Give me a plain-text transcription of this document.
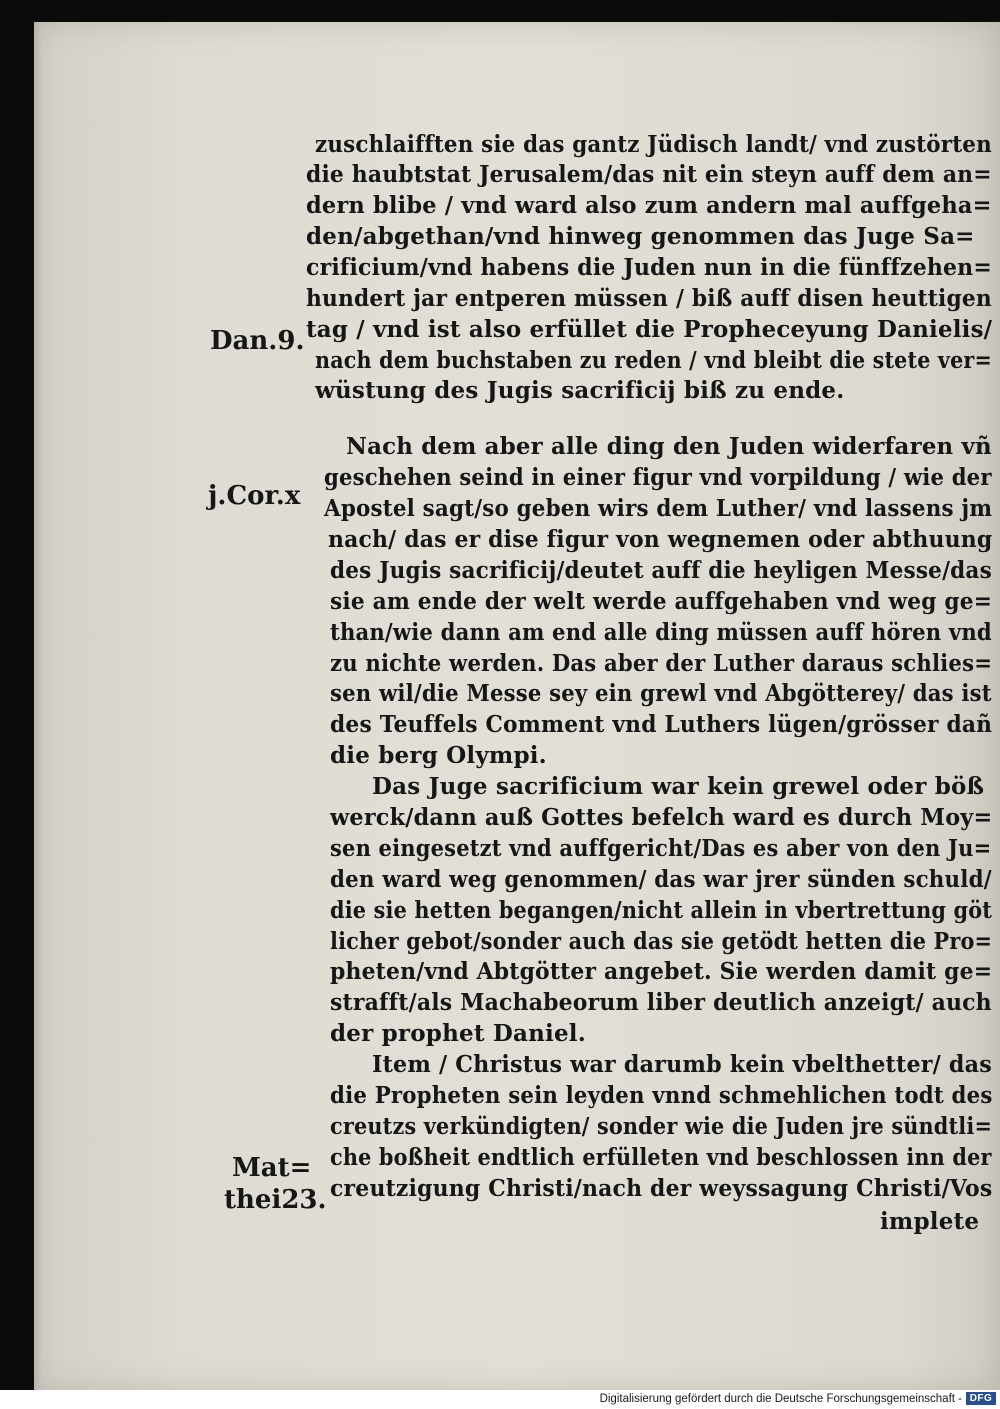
zuschlaifften sie das gantz Jüdisch landt/ vnd zustörten

die haubtstat Jerusalem/das nit ein steyn auff dem an=

dern blibe / vnd ward also zum andern mal auffgeha=

den/abgethan/vnd hinweg genommen das Juge Sa=

crificium/vnd habens die Juden nun in die fünffzehen=

hundert jar entperen müssen / biß auff disen heuttigen

tag / vnd ist also erfüllet die Propheceyung Danielis/

nach dem buchstaben zu reden / vnd bleibt die stete ver=

wüstung des Jugis sacrificij biß zu ende.

Nach dem aber alle ding den Juden widerfaren vñ

geschehen seind in einer figur vnd vorpildung / wie der

Apostel sagt/so geben wirs dem Luther/ vnd lassens jm

nach/ das er dise figur von wegnemen oder abthuung

des Jugis sacrificij/deutet auff die heyligen Messe/das

sie am ende der welt werde auffgehaben vnd weg ge=

than/wie dann am end alle ding müssen auff hören vnd

zu nichte werden. Das aber der Luther daraus schlies=

sen wil/die Messe sey ein grewl vnd Abgötterey/ das ist

des Teuffels Comment vnd Luthers lügen/grösser dañ

die berg Olympi.

Das Juge sacrificium war kein grewel oder böß

werck/dann auß Gottes befelch ward es durch Moy=

sen eingesetzt vnd auffgericht/Das es aber von den Ju=

den ward weg genommen/ das war jrer sünden schuld/

die sie hetten begangen/nicht allein in vbertrettung göt

licher gebot/sonder auch das sie getödt hetten die Pro=

pheten/vnd Abtgötter angebet. Sie werden damit ge=

strafft/als Machabeorum liber deutlich anzeigt/ auch

der prophet Daniel.

Item / Christus war darumb kein vbelthetter/ das

die Propheten sein leyden vnnd schmehlichen todt des

creutzs verkündigten/ sonder wie die Juden jre sündtli=

che boßheit endtlich erfülleten vnd beschlossen inn der

creutzigung Christi/nach der weyssagung Christi/Vos

implete

Dan.9.

j.Cor.x

Mat=

thei23.

Digitalisierung gefördert durch die Deutsche Forschungsgemeinschaft - DFG
